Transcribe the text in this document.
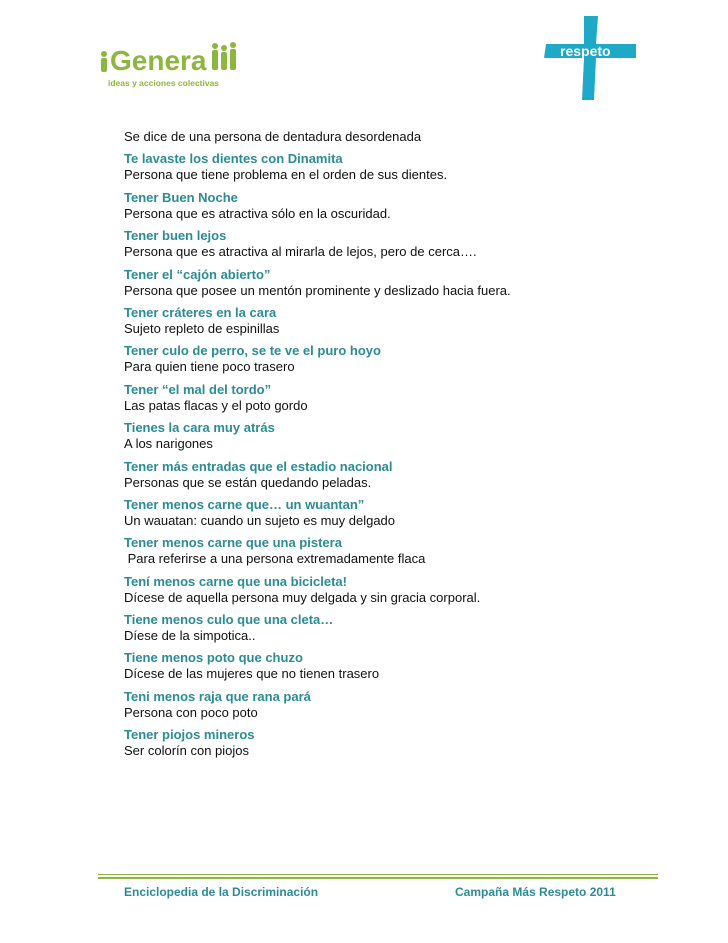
Genera
ideas y acciones colectivas
respeto
Se dice de una persona de dentadura desordenada
Te lavaste los dientes con Dinamita
Persona que tiene problema en el orden de sus dientes.
Tener Buen Noche
Persona que es atractiva sólo en la oscuridad.
Tener buen lejos
Persona que es atractiva al mirarla de lejos, pero de cerca….
Tener el “cajón abierto”
Persona que posee un mentón prominente y deslizado hacia fuera.
Tener cráteres en la cara
Sujeto repleto de espinillas
Tener culo de perro, se te ve el puro hoyo
Para quien tiene poco trasero
Tener “el mal del tordo”
Las patas flacas y el poto gordo
Tienes la cara muy atrás
A los narigones
Tener más entradas que el estadio nacional
Personas que se están quedando peladas.
Tener menos carne que… un wuantan”
Un wauatan: cuando un sujeto es muy delgado
Tener menos carne que una pistera
Para referirse a una persona extremadamente flaca
Tení menos carne que una bicicleta!
Dícese de aquella persona muy delgada y sin gracia corporal.
Tiene menos culo que una cleta…
Díese de la simpotica..
Tiene menos poto que chuzo
Dícese de las mujeres que no tienen trasero
Teni menos raja que rana pará
Persona con poco poto
Tener piojos mineros
Ser colorín con piojos
Enciclopedia de la Discriminación	Campaña Más Respeto 2011
